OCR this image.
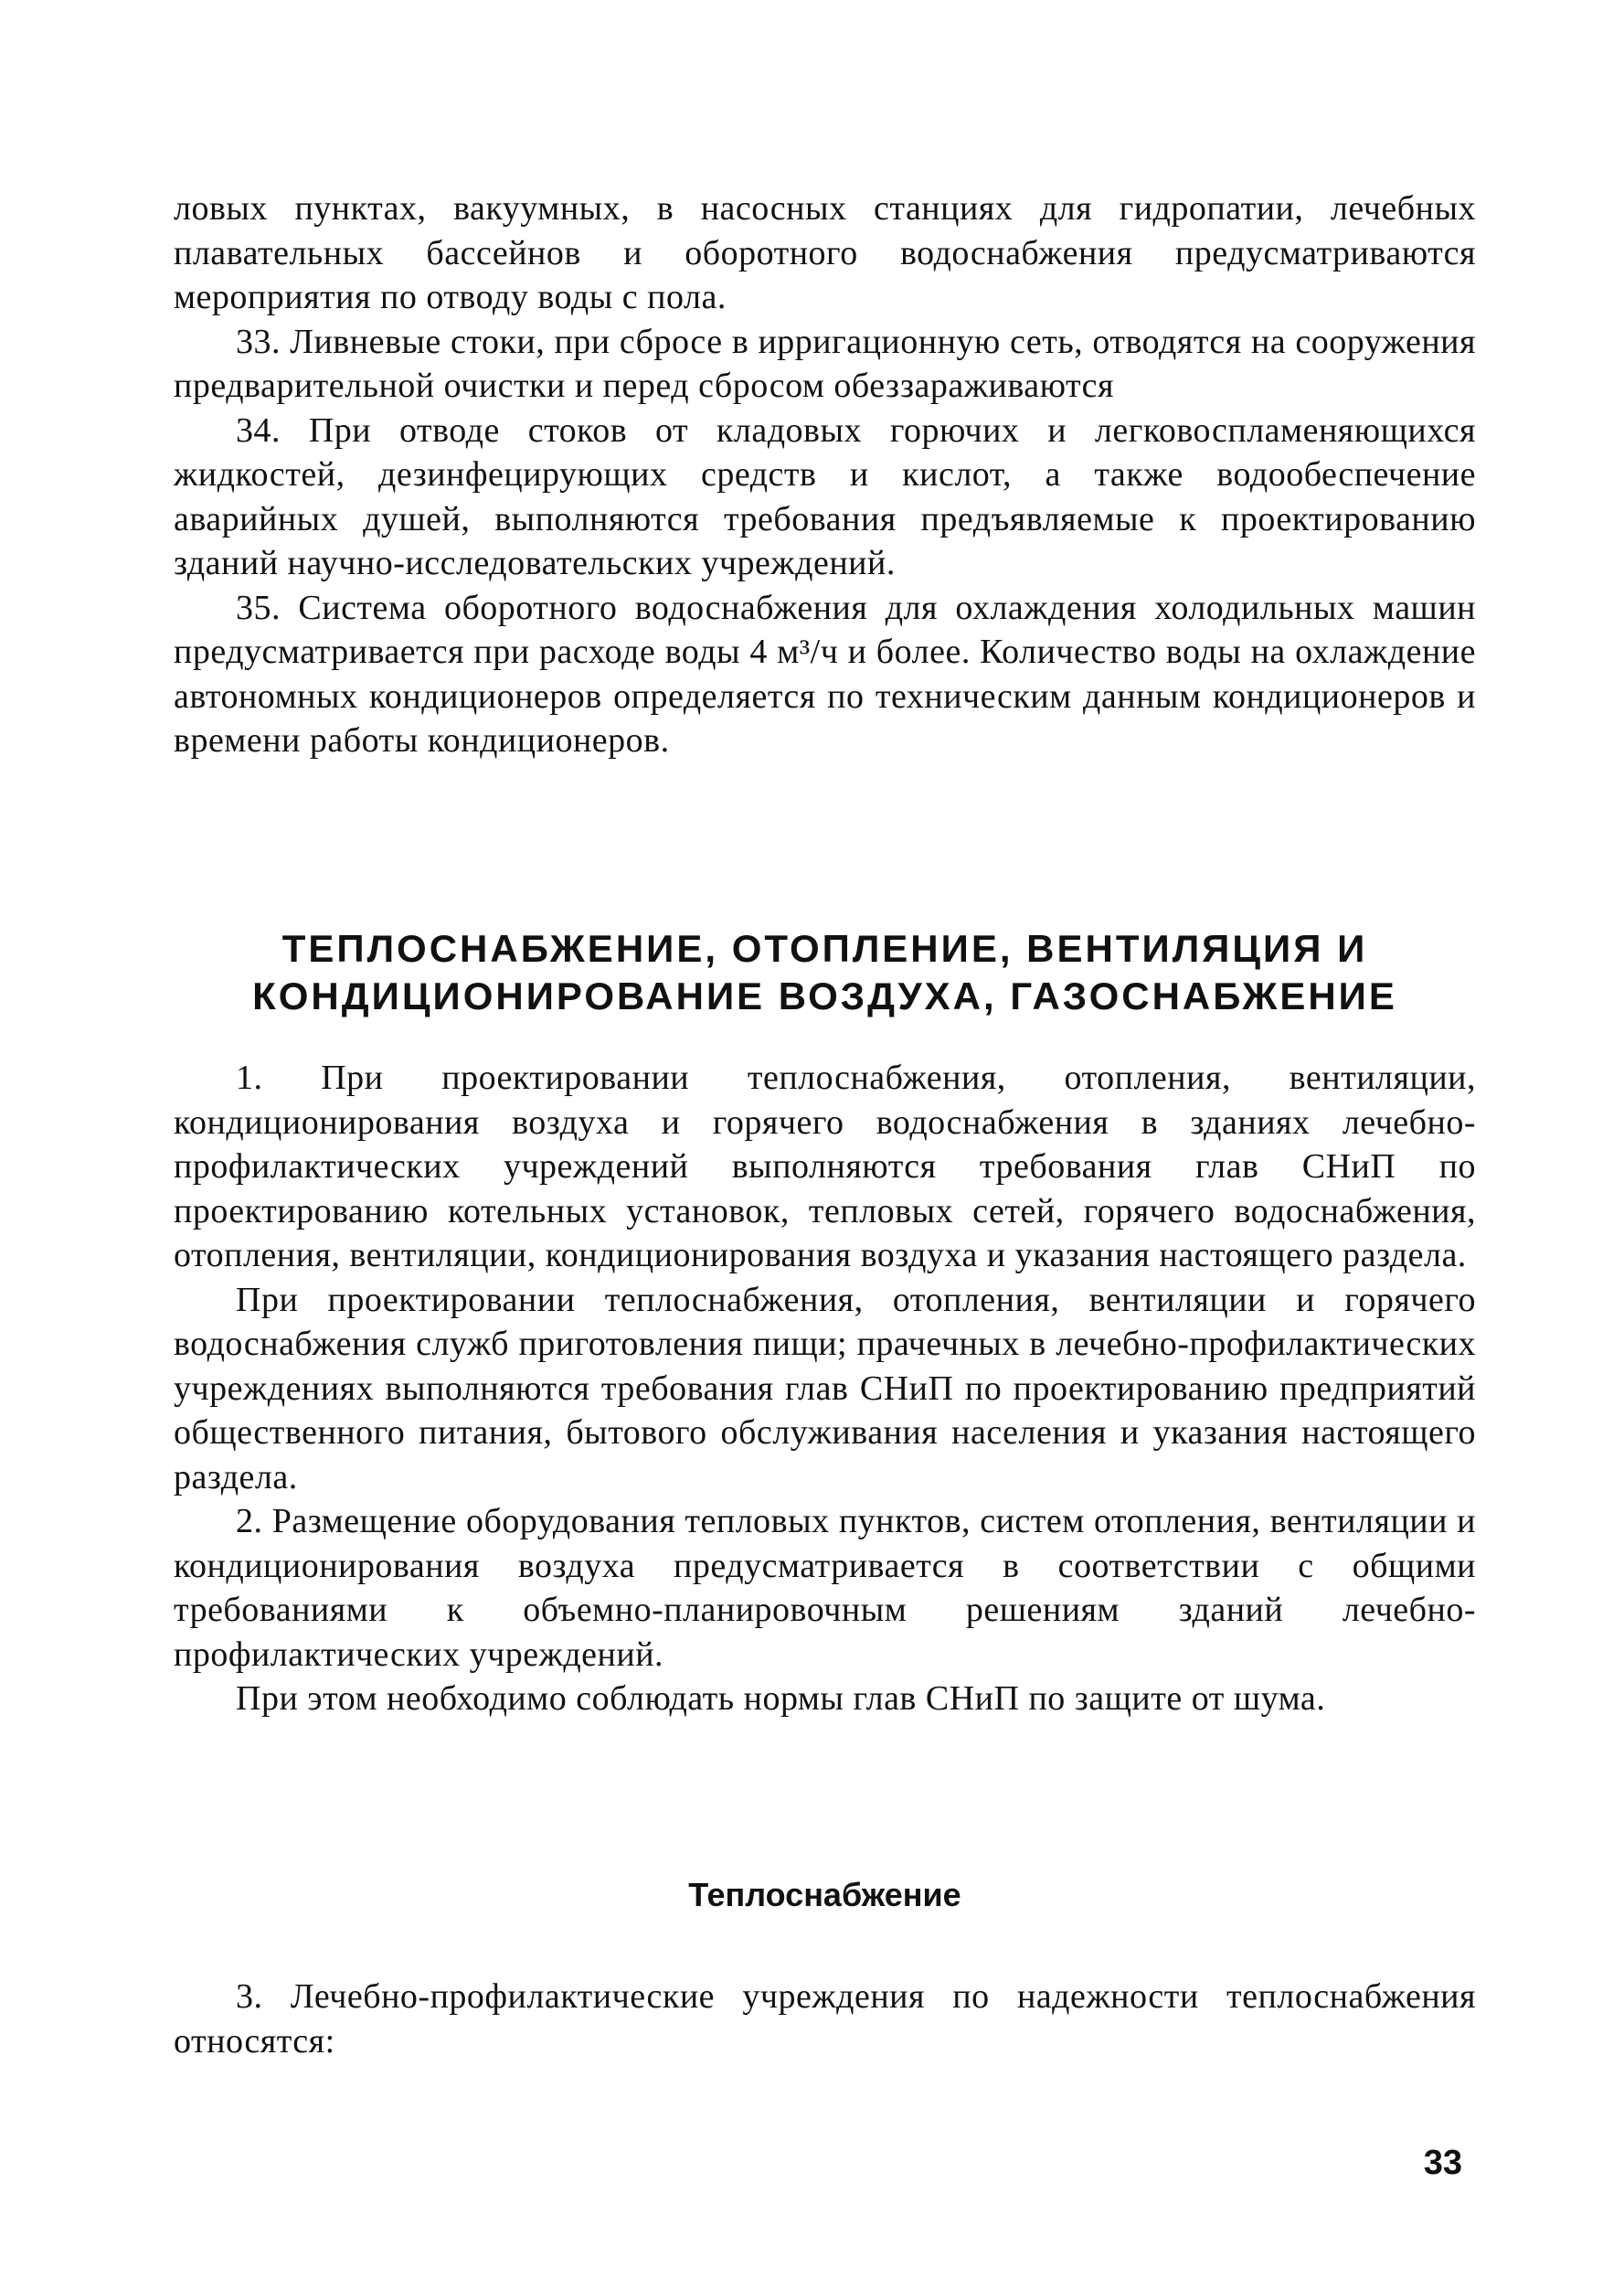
ловых пунктах, вакуумных, в насосных станциях для гидропатии, лечебных плавательных бассейнов и оборотного водоснабжения предусматриваются мероприятия по отводу воды с пола.

33. Ливневые стоки, при сбросе в ирригационную сеть, отводятся на сооружения предварительной очистки и перед сбросом обеззараживаются

34. При отводе стоков от кладовых горючих и легковоспламеняющихся жидкостей, дезинфецирующих средств и кислот, а также водообеспечение аварийных душей, выполняются требования предъявляемые к проектированию зданий научно-исследовательских учреждений.

35. Система оборотного водоснабжения для охлаждения холодильных машин предусматривается при расходе воды 4 м³/ч и более. Количество воды на охлаждение автономных кондиционеров определяется по техническим данным кондиционеров и времени работы кондиционеров.

ТЕПЛОСНАБЖЕНИЕ, ОТОПЛЕНИЕ, ВЕНТИЛЯЦИЯ И
КОНДИЦИОНИРОВАНИЕ ВОЗДУХА, ГАЗОСНАБЖЕНИЕ

1. При проектировании теплоснабжения, отопления, вентиляции, кондиционирования воздуха и горячего водоснабжения в зданиях лечебно-профилактических учреждений выполняются требования глав СНиП по проектированию котельных установок, тепловых сетей, горячего водоснабжения, отопления, вентиляции, кондиционирования воздуха и указания настоящего раздела.

При проектировании теплоснабжения, отопления, вентиляции и горячего водоснабжения служб приготовления пищи; прачечных в лечебно-профилактических учреждениях выполняются требования глав СНиП по проектированию предприятий общественного питания, бытового обслуживания населения и указания настоящего раздела.

2. Размещение оборудования тепловых пунктов, систем отопления, вентиляции и кондиционирования воздуха предусматривается в соответствии с общими требованиями к объемно-планировочным решениям зданий лечебно-профилактических учреждений.

При этом необходимо соблюдать нормы глав СНиП по защите от шума.

Теплоснабжение

3. Лечебно-профилактические учреждения по надежности теплоснабжения относятся:

33
